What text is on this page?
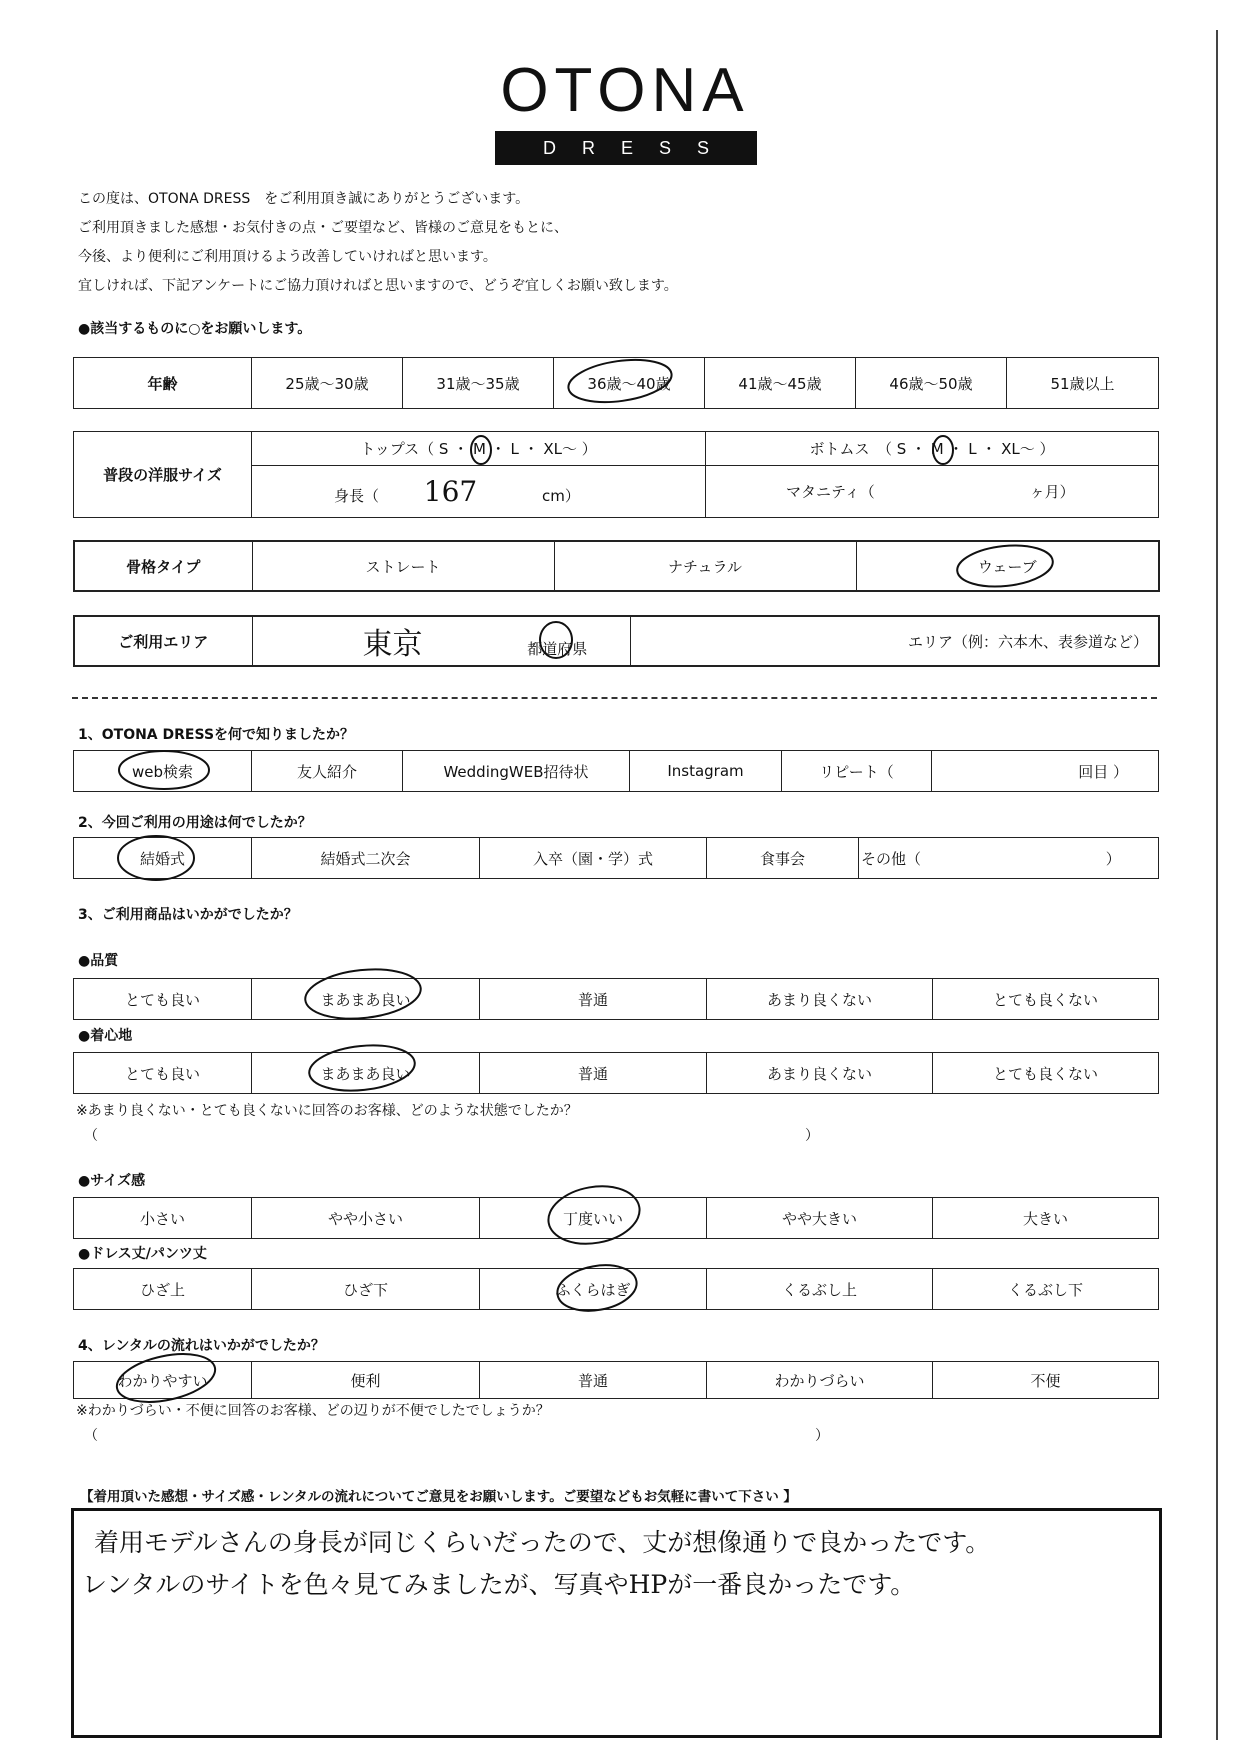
OTONA
DRESS

この度は、OTONA DRESS　をご利用頂き誠にありがとうございます。

ご利用頂きました感想・お気付きの点・ご要望など、皆様のご意見をもとに、

今後、より便利にご利用頂けるよう改善していければと思います。

宜しければ、下記アンケートにご協力頂ければと思いますので、どうぞ宜しくお願い致します。

●該当するものに○をお願いします。
年齢	25歳～30歳	31歳～35歳	36歳～40歳	41歳～45歳	46歳～50歳	51歳以上
普段の洋服サイズ	トップス（ S ・ M ・ L ・ XL～ ）	ボトムス　（ S ・ M ・ L ・ XL～ ）
	身長（ 167 cm）	マタニティ（ ヶ月）
骨格タイプ	ストレート	ナチュラル	ウェーブ
ご利用エリア	東京	都道府県	エリア（例：六本木、表参道など）
1、OTONA DRESSを何で知りましたか？
web検索	友人紹介	WeddingWEB招待状	Instagram	リピート（	回目 ）
2、今回ご利用の用途は何でしたか？
結婚式	結婚式二次会	入卒（園・学）式	食事会	その他（	）
3、ご利用商品はいかがでしたか？
●品質
とても良い	まあまあ良い	普通	あまり良くない	とても良くない
●着心地
とても良い	まあまあ良い	普通	あまり良くない	とても良くない
※あまり良くない・とても良くないに回答のお客様、どのような状態でしたか？
（	）
●サイズ感
小さい	やや小さい	丁度いい	やや大きい	大きい
●ドレス丈/パンツ丈
ひざ上	ひざ下	ふくらはぎ	くるぶし上	くるぶし下
4、レンタルの流れはいかがでしたか？
わかりやすい	便利	普通	わかりづらい	不便
※わかりづらい・不便に回答のお客様、どの辺りが不便でしたでしょうか？
（	）
【着用頂いた感想・サイズ感・レンタルの流れについてご意見をお願いします。ご要望などもお気軽に書いて下さい 】

着用モデルさんの身長が同じくらいだったので、丈が想像通りで良かったです。

レンタルのサイトを色々見てみましたが、写真やHPが一番良かったです。
